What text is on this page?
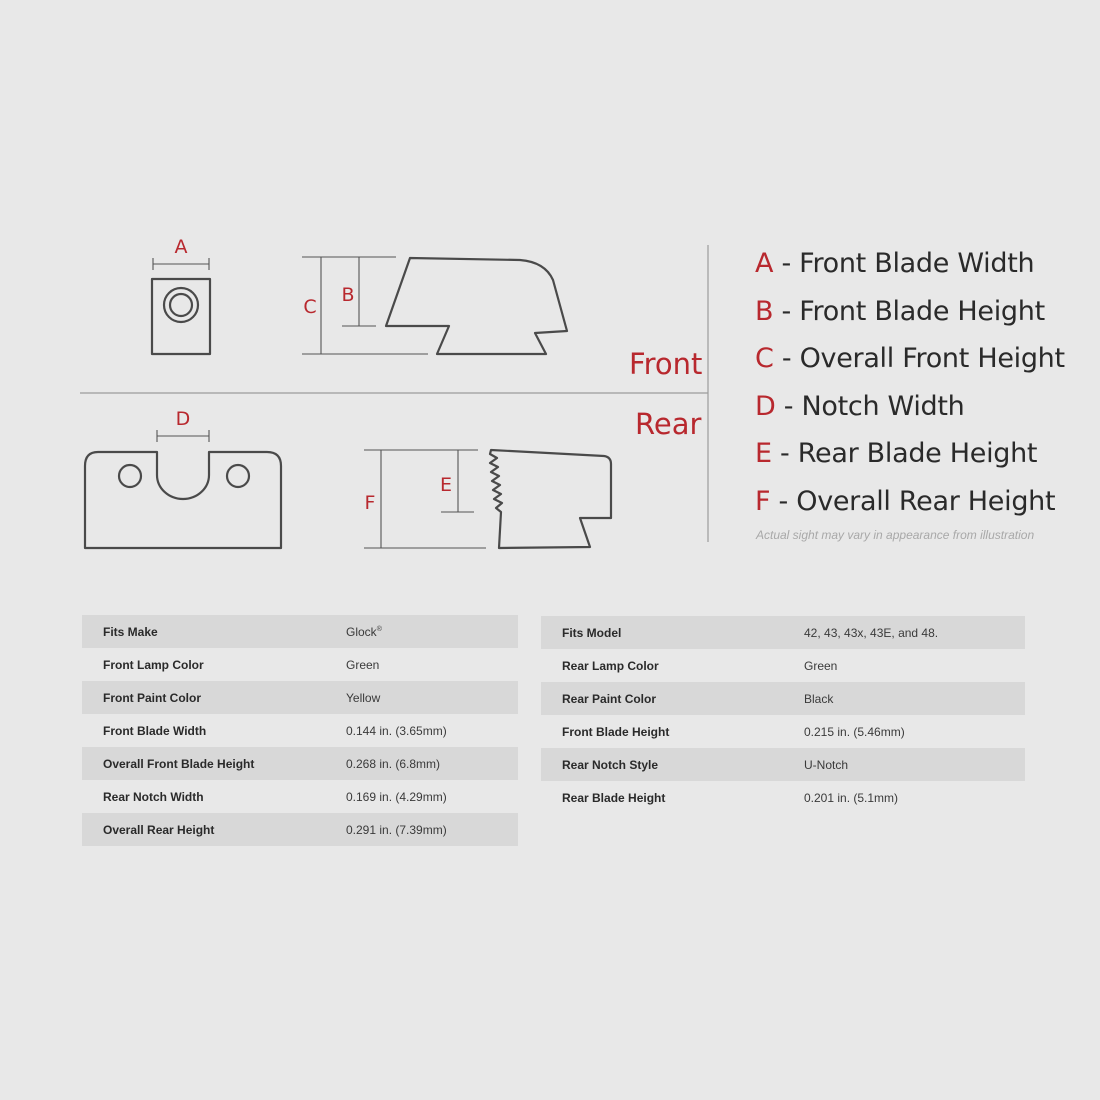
A
C
B
Front
Rear
D
F
E
A - Front Blade Width
B - Front Blade Height
C - Overall Front Height
D - Notch Width
E - Rear Blade Height
F - Overall Rear Height
Actual sight may vary in appearance from illustration
Fits Make	Glock®
Front Lamp Color	Green
Front Paint Color	Yellow
Front Blade Width	0.144 in. (3.65mm)
Overall Front Blade Height	0.268 in. (6.8mm)
Rear Notch Width	0.169 in. (4.29mm)
Overall Rear Height	0.291 in. (7.39mm)
Fits Model	42, 43, 43x, 43E, and 48.
Rear Lamp Color	Green
Rear Paint Color	Black
Front Blade Height	0.215 in. (5.46mm)
Rear Notch Style	U-Notch
Rear Blade Height	0.201 in. (5.1mm)
